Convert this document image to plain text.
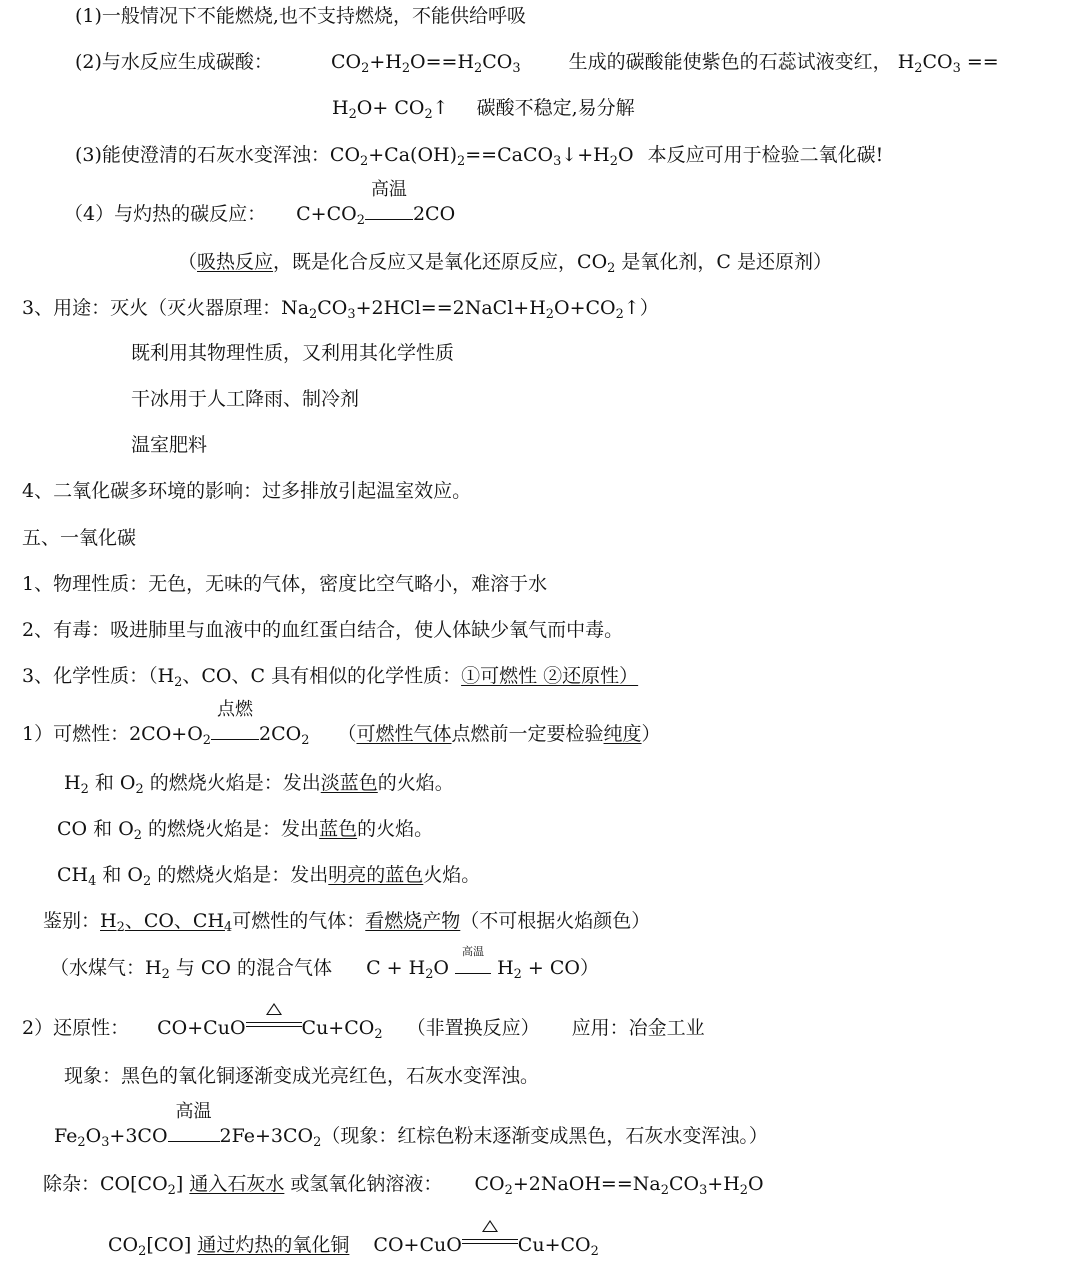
(1)一般情况下不能燃烧,也不支持燃烧，不能供给呼吸
(2)与水反应生成碳酸：	$CO_2+H_2O==H_2CO_3$	生成的碳酸能使紫色的石蕊试液变红， $H_2CO_3$ ==
$H_2O+$ $CO_2↑$ 碳酸不稳定,易分解
(3)能使澄清的石灰水变浑浊：$CO_2+Ca(OH)_2==CaCO_3↓+H_2O$ 本反应可用于检验二氧化碳!
（4）与灼热的碳反应： $C+CO_2$
高温
2CO
（吸热反应，既是化合反应又是氧化还原反应，$CO_2$ 是氧化剂，C 是还原剂）
3、用途：灭火（灭火器原理：$Na_2CO_3+2HCl==2NaCl+H_2O+CO_2↑$）
既利用其物理性质，又利用其化学性质
干冰用于人工降雨、制冷剂
温室肥料
4、二氧化碳多环境的影响：过多排放引起温室效应。
五、一氧化碳
1、物理性质：无色，无味的气体，密度比空气略小，难溶于水
2、有毒：吸进肺里与血液中的血红蛋白结合，使人体缺少氧气而中毒。
3、化学性质：（$H_2$、CO、C 具有相似的化学性质：①可燃性 ②还原性）
1）可燃性：$2CO+O_2$
点燃
$2CO_2$ （可燃性气体点燃前一定要检验纯度）
$H_2$ 和 $O_2$ 的燃烧火焰是：发出淡蓝色的火焰。
CO 和 $O_2$ 的燃烧火焰是：发出蓝色的火焰。
$CH_4$ 和 $O_2$ 的燃烧火焰是：发出明亮的蓝色火焰。
鉴别：$H_2$、CO、$CH_4$可燃性的气体：看燃烧产物（不可根据火焰颜色）
（水煤气：$H_2$ 与 CO 的混合气体 $C + H_2O$
高温
$H_2 + CO$）
2）还原性： CO+CuO	$Cu+CO_2$ （非置换反应） 应用：冶金工业
现象：黑色的氧化铜逐渐变成光亮红色，石灰水变浑浊。
$Fe_2O_3+3CO$
高温
$2Fe+3CO_2$（现象：红棕色粉末逐渐变成黑色，石灰水变浑浊。）
除杂：$CO[CO_2]$ 通入石灰水 或氢氧化钠溶液： $CO_2+2NaOH==Na_2CO_3+H_2O$
$CO_2[CO]$ 通过灼热的氧化铜 CO+CuO	$Cu+CO_2$
